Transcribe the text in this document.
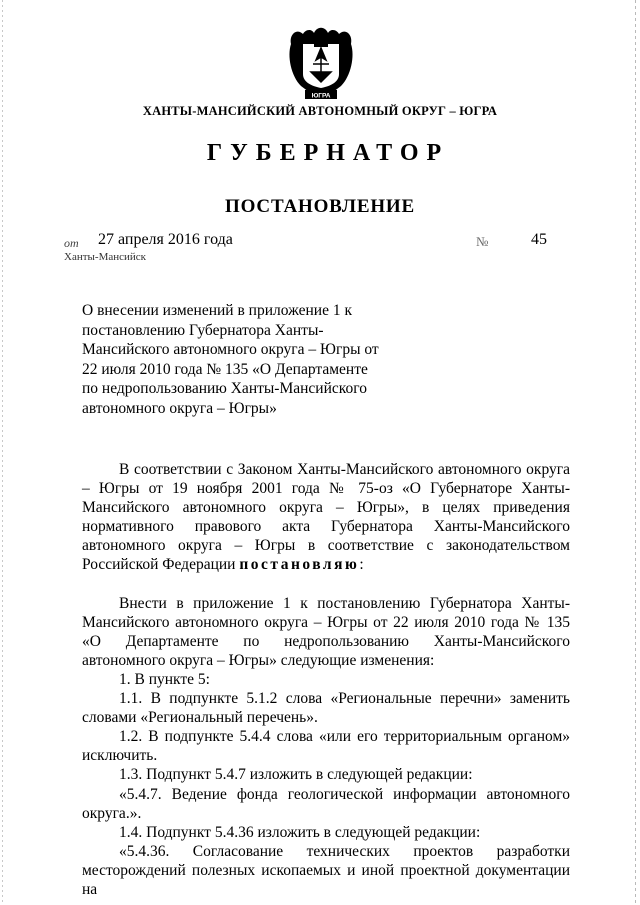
ЮГРА
ХАНТЫ-МАНСИЙСКИЙ АВТОНОМНЫЙ ОКРУГ – ЮГРА
ГУБЕРНАТОР
ПОСТАНОВЛЕНИЕ
от 27 апреля 2016 года	№	45
Ханты-Мансийск
О внесении изменений в приложение 1 к постановлению Губернатора Ханты-Мансийского автономного округа – Югры от 22 июля 2010 года № 135 «О Департаменте по недропользованию Ханты-Мансийского автономного округа – Югры»

В соответствии с Законом Ханты-Мансийского автономного округа – Югры от 19 ноября 2001 года № 75-оз «О Губернаторе Ханты-Мансийского автономного округа – Югры», в целях приведения нормативного правового акта Губернатора Ханты-Мансийского автономного округа – Югры в соответствие с законодательством Российской Федерации постановляю:

Внести в приложение 1 к постановлению Губернатора Ханты-Мансийского автономного округа – Югры от 22 июля 2010 года № 135 «О Департаменте по недропользованию Ханты-Мансийского автономного округа – Югры» следующие изменения:

1. В пункте 5:

1.1. В подпункте 5.1.2 слова «Региональные перечни» заменить словами «Региональный перечень».

1.2. В подпункте 5.4.4 слова «или его территориальным органом» исключить.

1.3. Подпункт 5.4.7 изложить в следующей редакции:

«5.4.7. Ведение фонда геологической информации автономного округа.».

1.4. Подпункт 5.4.36 изложить в следующей редакции:

«5.4.36. Согласование технических проектов разработки месторождений полезных ископаемых и иной проектной документации на
